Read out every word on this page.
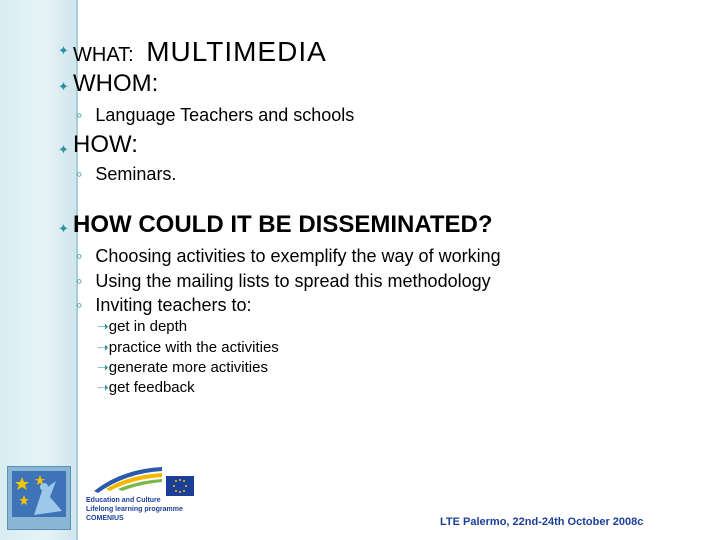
✦ WHAT: MULTIMEDIA
✦ WHOM:
◦ Language Teachers and schools
✦ HOW:
◦ Seminars.
✦ HOW COULD IT BE DISSEMINATED?
◦ Choosing activities to exemplify the way of working
◦ Using the mailing lists to spread this methodology
◦ Inviting teachers to:
➝get in depth
➝practice with the activities
➝generate more activities
➝get feedback
Education and Culture
Lifelong learning programme
COMENIUS	LTE Palermo, 22nd-24th October 2008c
